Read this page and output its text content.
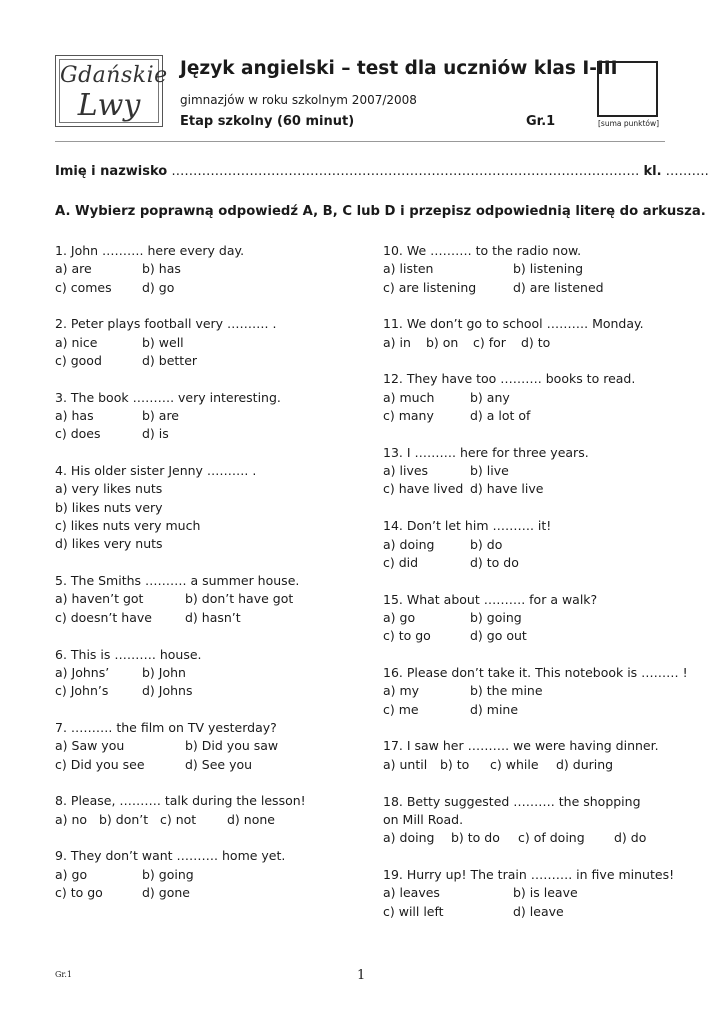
Gdańskie
Lwy
Język angielski – test dla uczniów klas I-III
gimnazjów w roku szkolnym 2007/2008
Etap szkolny (60 minut)	Gr.1	[suma punktów]
Imię i nazwisko ……………………………………………………………………………………………… kl. ……….
A. Wybierz poprawną odpowiedź A, B, C lub D i przepisz odpowiednią literę do arkusza.
1. John ………. here every day.
a) are	b) has
c) comes d) go
2. Peter plays football very ………. .
a) nice	b) well
c) good	d) better
3. The book ………. very interesting.
a) has	b) are
c) does	d) is
4. His older sister Jenny ………. .
a) very likes nuts
b) likes nuts very
c) likes nuts very much
d) likes very nuts
5. The Smiths ………. a summer house.
a) haven’t got	b) don’t have got
c) doesn’t have	d) hasn’t
6. This is ………. house.
a) Johns’	b) John
c) John’s	d) Johns
7. ………. the film on TV yesterday?
a) Saw you	b) Did you saw
c) Did you see	d) See you
8. Please, ………. talk during the lesson!
a) no b) don’t c) not d) none
9. They don’t want ………. home yet.
a) go	b) going
c) to go	d) gone
10. We ………. to the radio now.
a) listen	b) listening
c) are listening	d) are listened
11. We don’t go to school ………. Monday.
a) in b) on c) for d) to
12. They have too ………. books to read.
a) much	b) any
c) many	d) a lot of
13. I ………. here for three years.
a) lives	b) live
c) have lived d) have live
14. Don’t let him ………. it!
a) doing	b) do
c) did	d) to do
15. What about ………. for a walk?
a) go	b) going
c) to go	d) go out
16. Please don’t take it. This notebook is ……… !
a) my	b) the mine
c) me	d) mine
17. I saw her ………. we were having dinner.
a) until b) to c) while d) during
18. Betty suggested ………. the shopping
on Mill Road.
a) doing b) to do c) of doing d) do
19. Hurry up! The train ………. in five minutes!
a) leaves	b) is leave
c) will left	d) leave
Gr.1	1
